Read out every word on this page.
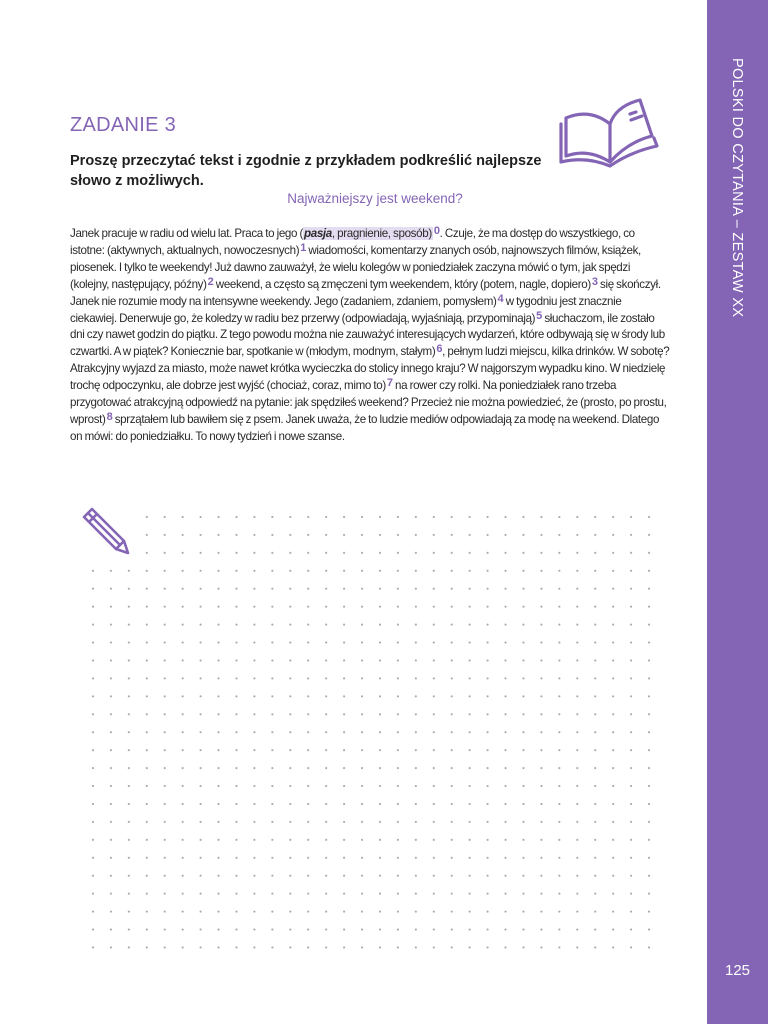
POLSKI DO CZYTANIA – ZESTAW XX
125
ZADANIE 3

Proszę przeczytać tekst i zgodnie z przykładem podkreślić najlepsze słowo z możliwych.

Najważniejszy jest weekend?

Janek pracuje w radiu od wielu lat. Praca to jego (pasja, pragnienie, sposób) 0. Czuje, że ma dostęp do wszystkiego, co istotne: (aktywnych, aktualnych, nowoczesnych)1 wiadomości, komentarzy znanych osób, najnowszych filmów, książek, piosenek. I tylko te weekendy! Już dawno zauważył, że wielu kolegów w poniedziałek zaczyna mówić o tym, jak spędzi (kolejny, następujący, późny)2 weekend, a często są zmęczeni tym weekendem, który (potem, nagle, dopiero)3 się skończył. Janek nie rozumie mody na intensywne weekendy. Jego (zadaniem, zdaniem, pomysłem)4 w tygodniu jest znacznie ciekawiej. Denerwuje go, że koledzy w radiu bez przerwy (odpowiadają, wyjaśniają, przypominają)5 słuchaczom, ile zostało dni czy nawet godzin do piątku. Z tego powodu można nie zauważyć interesujących wydarzeń, które odbywają się w środy lub czwartki. A w piątek? Koniecznie bar, spotkanie w (młodym, modnym, stałym)6, pełnym ludzi miejscu, kilka drinków. W sobotę? Atrakcyjny wyjazd za miasto, może nawet krótka wycieczka do stolicy innego kraju? W najgorszym wypadku kino. W niedzielę trochę odpoczynku, ale dobrze jest wyjść (chociaż, coraz, mimo to)7 na rower czy rolki. Na poniedziałek rano trzeba przygotować atrakcyjną odpowiedź na pytanie: jak spędziłeś weekend? Przecież nie można powiedzieć, że (prosto, po prostu, wprost)8 sprzątałem lub bawiłem się z psem. Janek uważa, że to ludzie mediów odpowiadają za modę na weekend. Dlatego on mówi: do poniedziałku. To nowy tydzień i nowe szanse.
